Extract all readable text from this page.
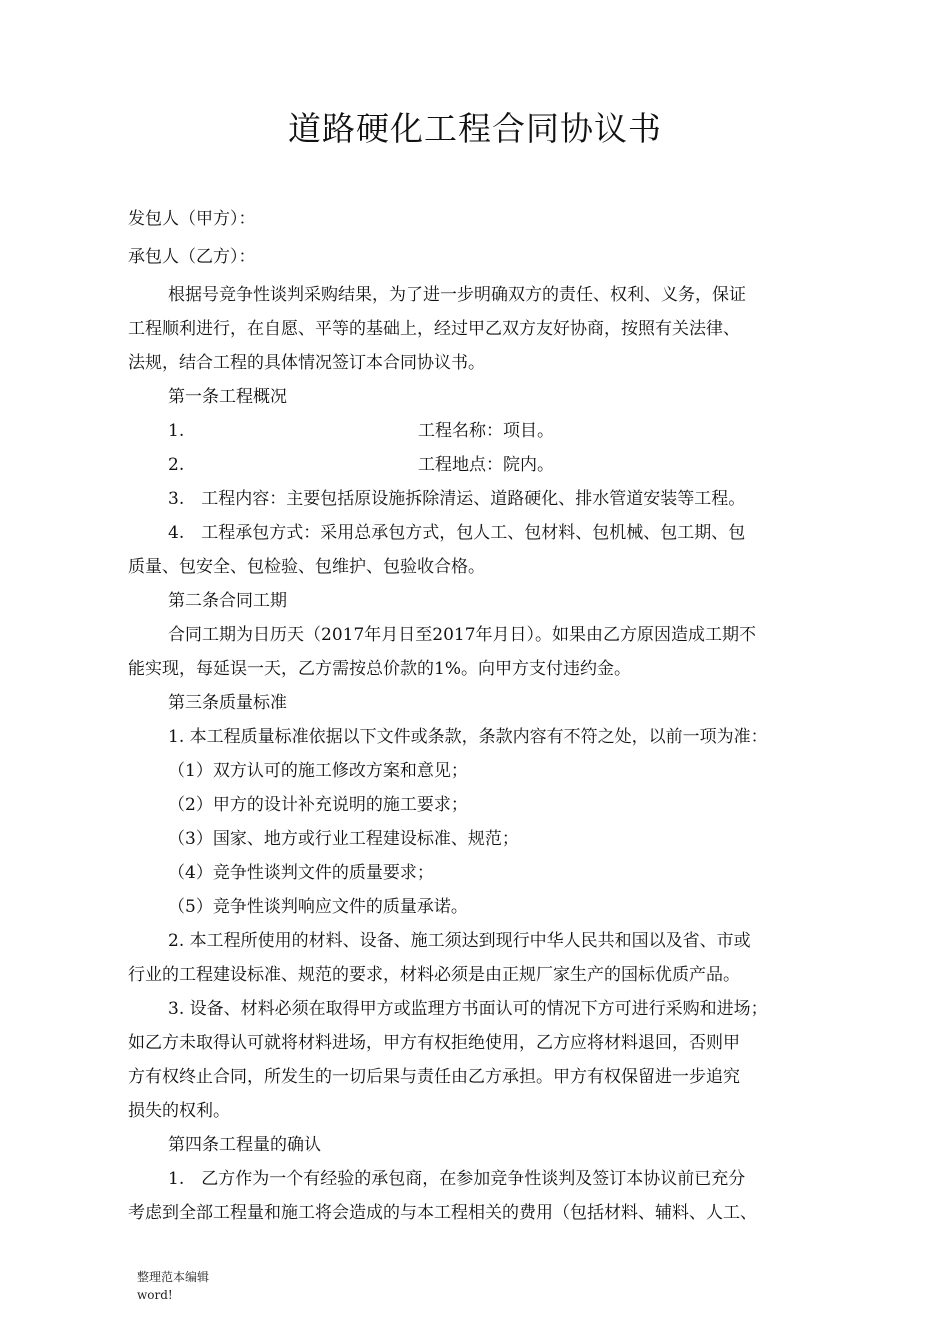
道路硬化工程合同协议书
发包人（甲方）：
承包人（乙方）：
根据号竞争性谈判采购结果，为了进一步明确双方的责任、权利、义务，保证
工程顺利进行，在自愿、平等的基础上，经过甲乙双方友好协商，按照有关法律、
法规，结合工程的具体情况签订本合同协议书。
第一条工程概况
1.	工程名称：项目。
2.	工程地点：院内。
3.　工程内容：主要包括原设施拆除清运、道路硬化、排水管道安装等工程。
4.　工程承包方式：采用总承包方式，包人工、包材料、包机械、包工期、包
质量、包安全、包检验、包维护、包验收合格。
第二条合同工期
合同工期为日历天（2017年月日至2017年月日）。如果由乙方原因造成工期不
能实现，每延误一天，乙方需按总价款的1%。向甲方支付违约金。
第三条质量标准
1. 本工程质量标准依据以下文件或条款，条款内容有不符之处，以前一项为准：
（1）双方认可的施工修改方案和意见；
（2）甲方的设计补充说明的施工要求；
（3）国家、地方或行业工程建设标准、规范；
（4）竞争性谈判文件的质量要求；
（5）竞争性谈判响应文件的质量承诺。
2. 本工程所使用的材料、设备、施工须达到现行中华人民共和国以及省、市或
行业的工程建设标准、规范的要求，材料必须是由正规厂家生产的国标优质产品。
3. 设备、材料必须在取得甲方或监理方书面认可的情况下方可进行采购和进场；
如乙方未取得认可就将材料进场，甲方有权拒绝使用，乙方应将材料退回，否则甲
方有权终止合同，所发生的一切后果与责任由乙方承担。甲方有权保留进一步追究
损失的权利。
第四条工程量的确认
1.　乙方作为一个有经验的承包商，在参加竞争性谈判及签订本协议前已充分
考虑到全部工程量和施工将会造成的与本工程相关的费用（包括材料、辅料、人工、
整理范本编辑
word!
